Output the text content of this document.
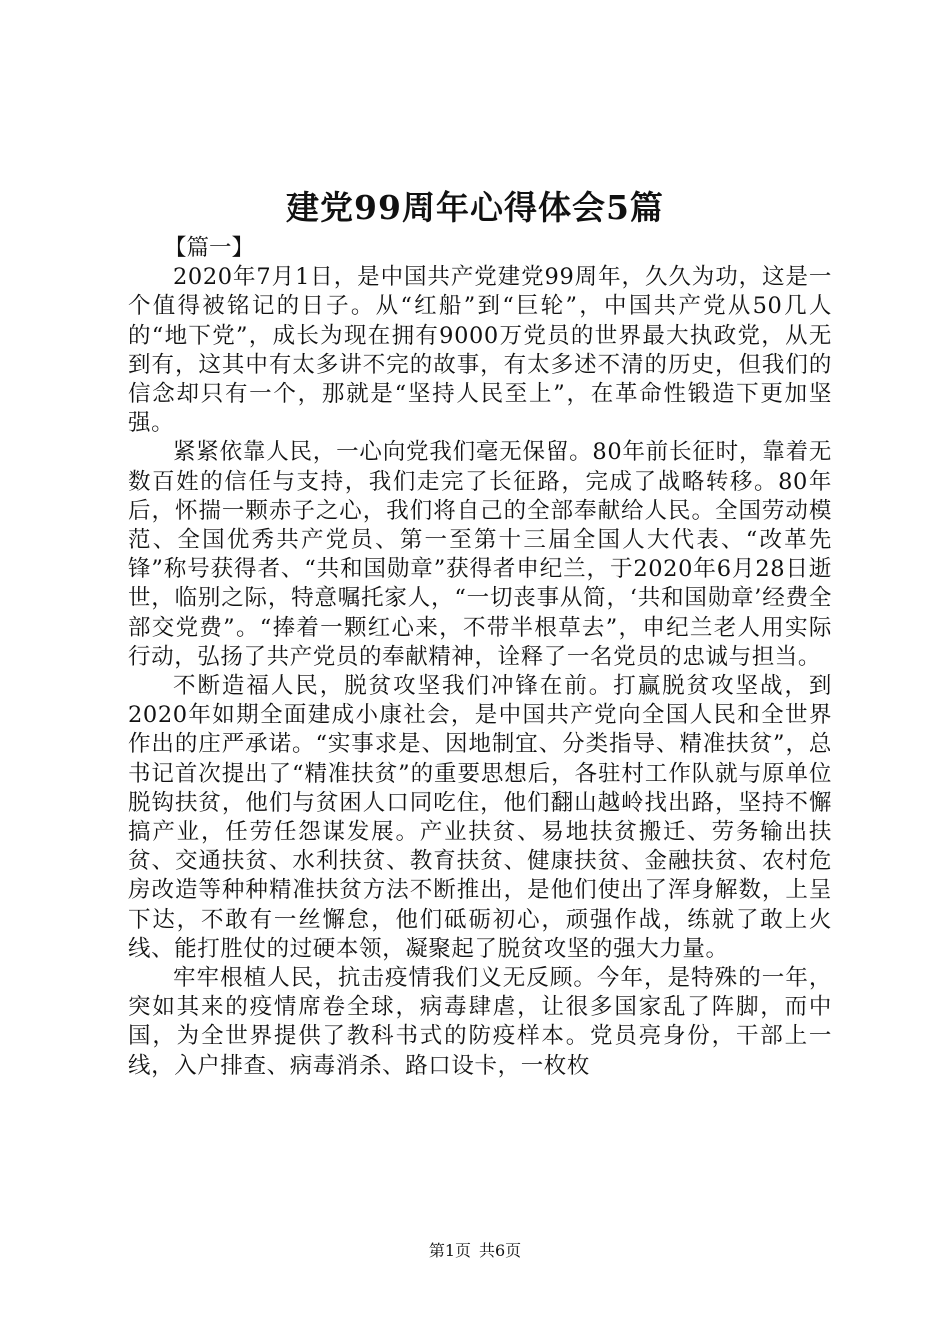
建党99周年心得体会5篇

【篇一】

2020年7月1日，是中国共产党建党99周年，久久为功，这是一个值得被铭记的日子。从“红船”到“巨轮”，中国共产党从50几人的“地下党”，成长为现在拥有9000万党员的世界最大执政党，从无到有，这其中有太多讲不完的故事，有太多述不清的历史，但我们的信念却只有一个，那就是“坚持人民至上”，在革命性锻造下更加坚强。

紧紧依靠人民，一心向党我们毫无保留。80年前长征时，靠着无数百姓的信任与支持，我们走完了长征路，完成了战略转移。80年后，怀揣一颗赤子之心，我们将自己的全部奉献给人民。全国劳动模范、全国优秀共产党员、第一至第十三届全国人大代表、“改革先锋”称号获得者、“共和国勋章”获得者申纪兰，于2020年6月28日逝世，临别之际，特意嘱托家人，“一切丧事从简，‘共和国勋章’经费全部交党费”。“捧着一颗红心来，不带半根草去”，申纪兰老人用实际行动，弘扬了共产党员的奉献精神，诠释了一名党员的忠诚与担当。

不断造福人民，脱贫攻坚我们冲锋在前。打赢脱贫攻坚战，到2020年如期全面建成小康社会，是中国共产党向全国人民和全世界作出的庄严承诺。“实事求是、因地制宜、分类指导、精准扶贫”，总书记首次提出了“精准扶贫”的重要思想后，各驻村工作队就与原单位脱钩扶贫，他们与贫困人口同吃住，他们翻山越岭找出路，坚持不懈搞产业，任劳任怨谋发展。产业扶贫、易地扶贫搬迁、劳务输出扶贫、交通扶贫、水利扶贫、教育扶贫、健康扶贫、金融扶贫、农村危房改造等种种精准扶贫方法不断推出，是他们使出了浑身解数，上呈下达，不敢有一丝懈怠，他们砥砺初心，顽强作战，练就了敢上火线、能打胜仗的过硬本领，凝聚起了脱贫攻坚的强大力量。

牢牢根植人民，抗击疫情我们义无反顾。今年，是特殊的一年，突如其来的疫情席卷全球，病毒肆虐，让很多国家乱了阵脚，而中国，为全世界提供了教科书式的防疫样本。党员亮身份，干部上一线，入户排查、病毒消杀、路口设卡，一枚枚

第1页 共6页
